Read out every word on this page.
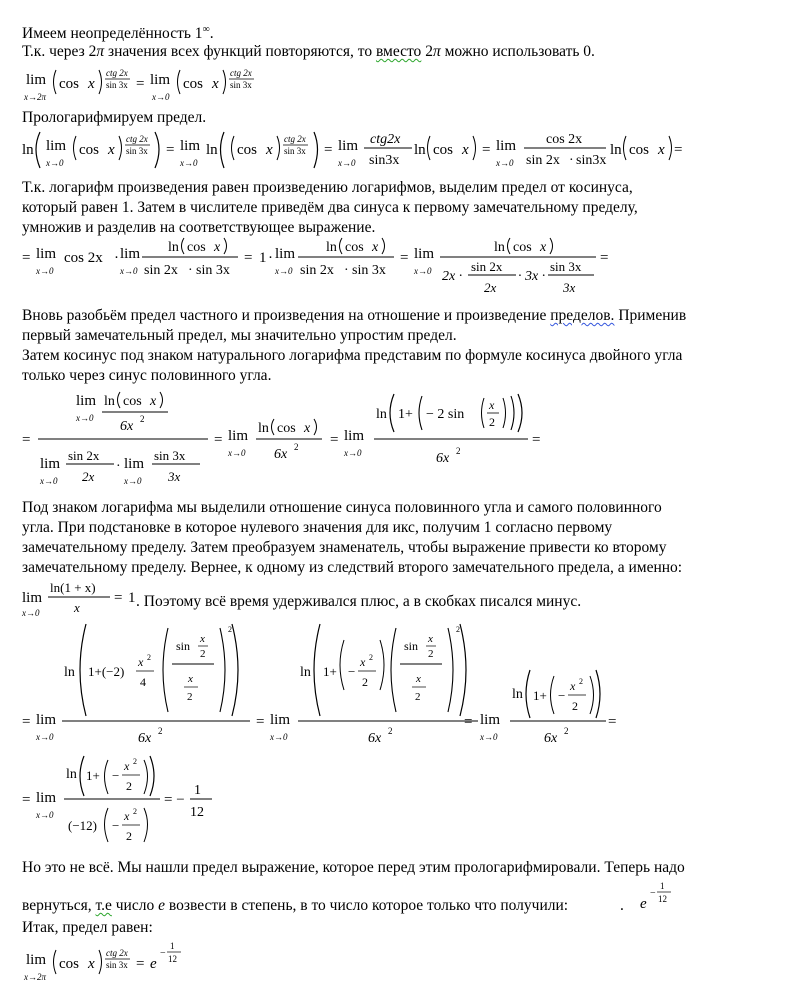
Имеем неопределённость 1∞.
Т.к. через 2π значения всех функций повторяются, то вместо 2π можно использовать 0.
lim
x→2π
cos x
ctg 2x
sin 3x = lim
x→0
cos x
ctg 2x
sin 3x
Прологарифмируем предел.
ln lim
x→0
cos x
ctg 2x
sin 3x = lim
x→0
ln cos x
ctg 2x
sin 3x = lim
x→0
ctg2x
sin3x
ln cos x = lim
x→0
cos 2x
sin 2x · sin3x
ln cos x =
Т.к. логарифм произведения равен произведению логарифмов, выделим предел от косинуса,
который равен 1. Затем в числителе приведём два синуса к первому замечательному пределу,
умножив и разделив на соответствующее выражение.
= lim
x→0
cos 2x · lim
x→0
ln cos x
sin 2x · sin 3x
= 1 · lim
x→0
ln cos x
sin 2x · sin 3x
= lim
x→0
ln cos x
2x ·
sin 2x
2x
· 3x ·
sin 3x
3x
=
Вновь разобьём предел частного и произведения на отношение и произведение пределов. Применив
первый замечательный предел, мы значительно упростим предел.
Затем косинус под знаком натурального логарифма представим по формуле косинуса двойного угла
только через синус половинного угла.
=
lim
x→0
ln cos x
6x 2
lim
x→0
sin 2x
2x
· lim
x→0
sin 3x
3x
= lim
x→0
ln cos x
6x 2 = lim
x→0
ln 1+ − 2 sin
x
2
6x 2
=
Под знаком логарифма мы выделили отношение синуса половинного угла и самого половинного
угла. При подстановке в которое нулевого значения для икс, получим 1 согласно первому
замечательному пределу. Затем преобразуем знаменатель, чтобы выражение привести ко второму
замечательному пределу. Вернее, к одному из следствий второго замечательного предела, а именно:
lim
x→0
ln(1 + x)
x
= 1 . Поэтому всё время удерживался плюс, а в скобках писался минус.
= lim
x→0
ln 1+(−2)
x 2
4
sin x
2
x
2
2
6x 2
= lim
x→0
ln 1+ −
x 2
2
sin x
2
x
2
2
6x 2
= lim
x→0
ln 1+ −
x 2
2
6x 2
=
= lim
x→0
ln 1+ −
x 2
2
(−12) −
x 2
2
= −
1
12
Но это не всё. Мы нашли предел выражение, которое перед этим прологарифмировали. Теперь надо
вернуться, т.е число e возвести в степень, в то число которое только что получили:	.	e
−
1
12
Итак, предел равен:
lim
x→2π
cos x
ctg 2x
sin 3x = e
−
1
12
